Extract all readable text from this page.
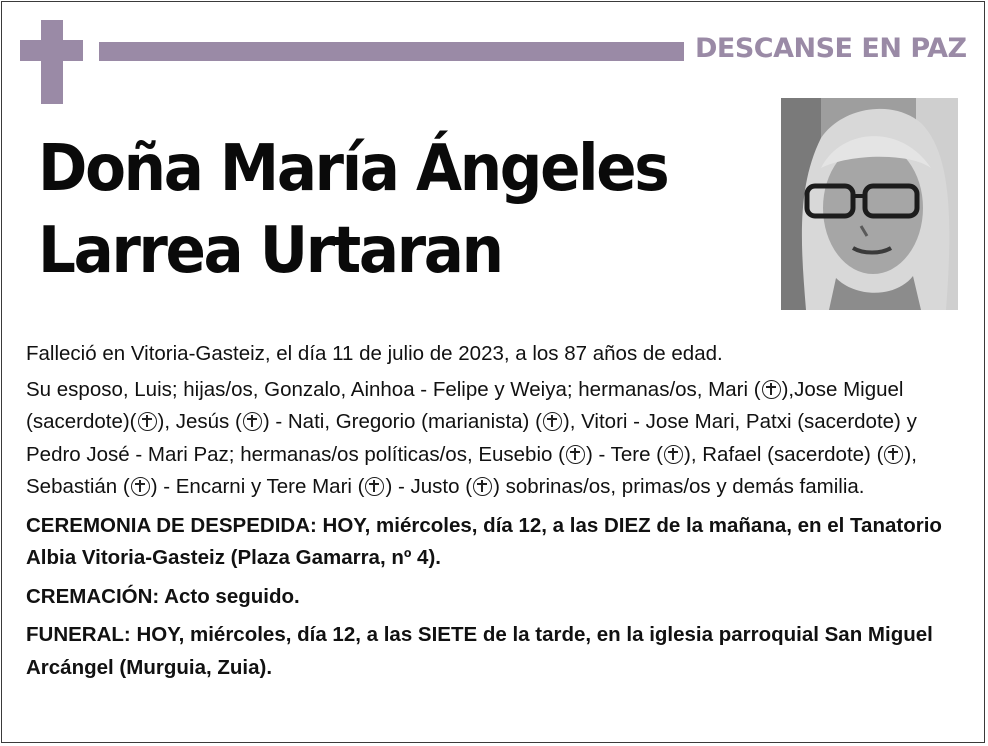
DESCANSE EN PAZ
Doña María Ángeles
Larrea Urtaran

Falleció en Vitoria-Gasteiz, el día 11 de julio de 2023, a los 87 años de edad.

Su esposo, Luis; hijas/os, Gonzalo, Ainhoa - Felipe y Weiya; hermanas/os, Mari ( ),Jose Miguel (sacerdote)( ), Jesús ( ) - Nati, Gregorio (marianista) ( ), Vitori - Jose Mari, Patxi (sacerdote) y Pedro José - Mari Paz; hermanas/os políticas/os, Eusebio ( ) - Tere ( ), Rafael (sacerdote) ( ), Sebastián ( ) - Encarni y Tere Mari ( ) - Justo ( ) sobrinas/os, primas/os y demás familia.

CEREMONIA DE DESPEDIDA: HOY, miércoles, día 12, a las DIEZ de la mañana, en el Tanatorio Albia Vitoria-Gasteiz (Plaza Gamarra, nº 4).

CREMACIÓN: Acto seguido.

FUNERAL: HOY, miércoles, día 12, a las SIETE de la tarde, en la iglesia parroquial San Miguel Arcángel (Murguia, Zuia).
